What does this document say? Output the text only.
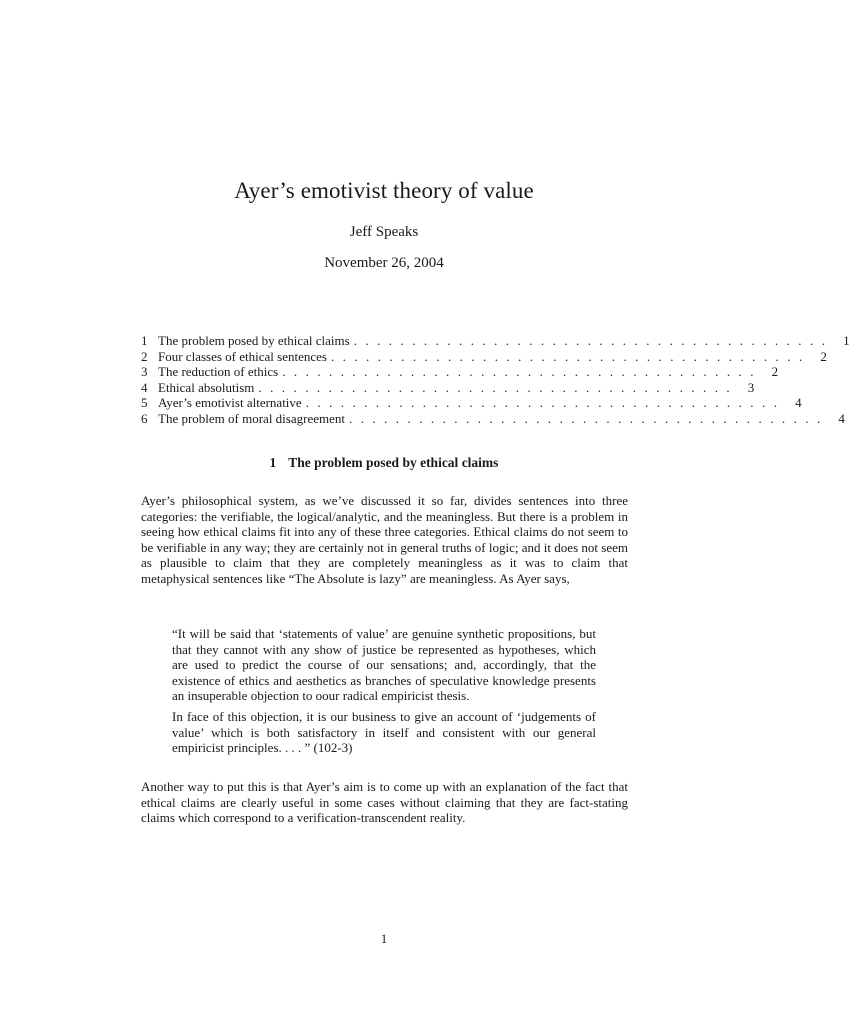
Ayer’s emotivist theory of value
Jeff Speaks
November 26, 2004
1 The problem posed by ethical claims . . . . . . . . . . . . . . . . . . . . . . . . . . . . . . . . . . . . . . . . .	1
2 Four classes of ethical sentences . . . . . . . . . . . . . . . . . . . . . . . . . . . . . . . . . . . . . . . . .	2
3 The reduction of ethics . . . . . . . . . . . . . . . . . . . . . . . . . . . . . . . . . . . . . . . . .	2
4 Ethical absolutism . . . . . . . . . . . . . . . . . . . . . . . . . . . . . . . . . . . . . . . . .	3
5 Ayer’s emotivist alternative . . . . . . . . . . . . . . . . . . . . . . . . . . . . . . . . . . . . . . . . .	4
6 The problem of moral disagreement . . . . . . . . . . . . . . . . . . . . . . . . . . . . . . . . . . . . . . . . .	4
1 The problem posed by ethical claims

Ayer’s philosophical system, as we’ve discussed it so far, divides sentences into three categories: the verifiable, the logical/analytic, and the meaningless. But there is a problem in seeing how ethical claims fit into any of these three categories. Ethical claims do not seem to be verifiable in any way; they are certainly not in general truths of logic; and it does not seem as plausible to claim that they are completely meaningless as it was to claim that metaphysical sentences like “The Absolute is lazy” are meaningless. As Ayer says,

“It will be said that ‘statements of value’ are genuine synthetic propositions, but that they cannot with any show of justice be represented as hypotheses, which are used to predict the course of our sensations; and, accordingly, that the existence of ethics and aesthetics as branches of speculative knowledge presents an insuperable objection to oour radical empiricist thesis.

In face of this objection, it is our business to give an account of ‘judgements of value’ which is both satisfactory in itself and consistent with our general empiricist principles. . . . ” (102-3)

Another way to put this is that Ayer’s aim is to come up with an explanation of the fact that ethical claims are clearly useful in some cases without claiming that they are fact-stating claims which correspond to a verification-transcendent reality.

1
